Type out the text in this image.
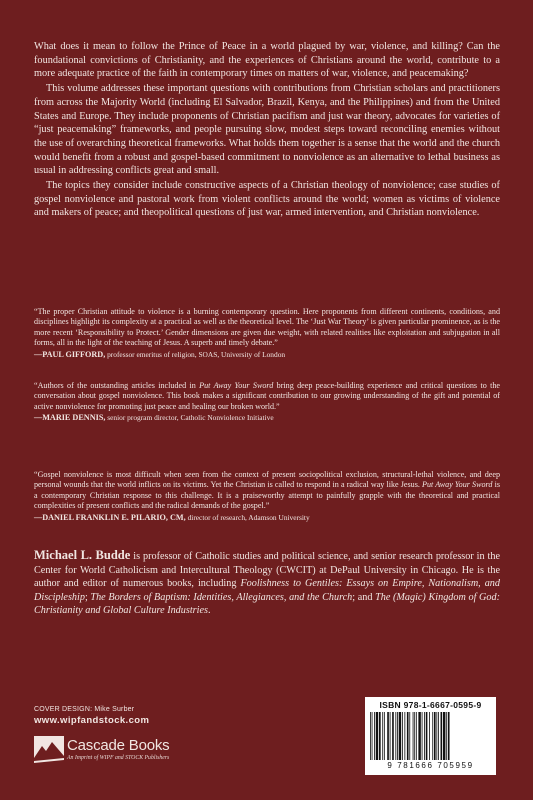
What does it mean to follow the Prince of Peace in a world plagued by war, violence, and killing? Can the foundational convictions of Christianity, and the experiences of Christians around the world, contribute to a more adequate practice of the faith in contemporary times on matters of war, violence, and peacemaking?

This volume addresses these important questions with contributions from Christian scholars and practitioners from across the Majority World (including El Salvador, Brazil, Kenya, and the Philippines) and from the United States and Europe. They include proponents of Christian pacifism and just war theory, advocates for varieties of “just peacemaking” frameworks, and people pursuing slow, modest steps toward reconciling enemies without the use of overarching theoretical frameworks. What holds them together is a sense that the world and the church would benefit from a robust and gospel-based commitment to nonviolence as an alternative to lethal business as usual in addressing conflicts great and small.

The topics they consider include constructive aspects of a Christian theology of nonviolence; case studies of gospel nonviolence and pastoral work from violent conflicts around the world; women as victims of violence and makers of peace; and theopolitical questions of just war, armed intervention, and Christian nonviolence.

“The proper Christian attitude to violence is a burning contemporary question. Here proponents from different continents, conditions, and disciplines highlight its complexity at a practical as well as the theoretical level. The ‘Just War Theory’ is given particular prominence, as is the more recent ‘Responsibility to Protect.’ Gender dimensions are given due weight, with related realities like exploitation and subjugation in all forms, all in the light of the teaching of Jesus. A superb and timely debate.”

—PAUL GIFFORD, professor emeritus of religion, SOAS, University of London

“Authors of the outstanding articles included in Put Away Your Sword bring deep peace-building experience and critical questions to the conversation about gospel nonviolence. This book makes a significant contribution to our growing understanding of the gift and potential of active nonviolence for promoting just peace and healing our broken world.”

—MARIE DENNIS, senior program director, Catholic Nonviolence Initiative

“Gospel nonviolence is most difficult when seen from the context of present sociopolitical exclusion, structural-lethal violence, and deep personal wounds that the world inflicts on its victims. Yet the Christian is called to respond in a radical way like Jesus. Put Away Your Sword is a contemporary Christian response to this challenge. It is a praiseworthy attempt to painfully grapple with the theoretical and practical complexities of present conflicts and the radical demands of the gospel.”

—DANIEL FRANKLIN E. PILARIO, CM, director of research, Adamson University
Michael L. Budde is professor of Catholic studies and political science, and senior research professor in the Center for World Catholicism and Intercultural Theology (CWCIT) at DePaul University in Chicago. He is the author and editor of numerous books, including Foolishness to Gentiles: Essays on Empire, Nationalism, and Discipleship; The Borders of Baptism: Identities, Allegiances, and the Church; and The (Magic) Kingdom of God: Christianity and Global Culture Industries.
COVER DESIGN: Mike Surber
www.wipfandstock.com
Cascade Books
An Imprint of WIPF and STOCK Publishers
ISBN 978-1-6667-0595-9
9 781666 705959
